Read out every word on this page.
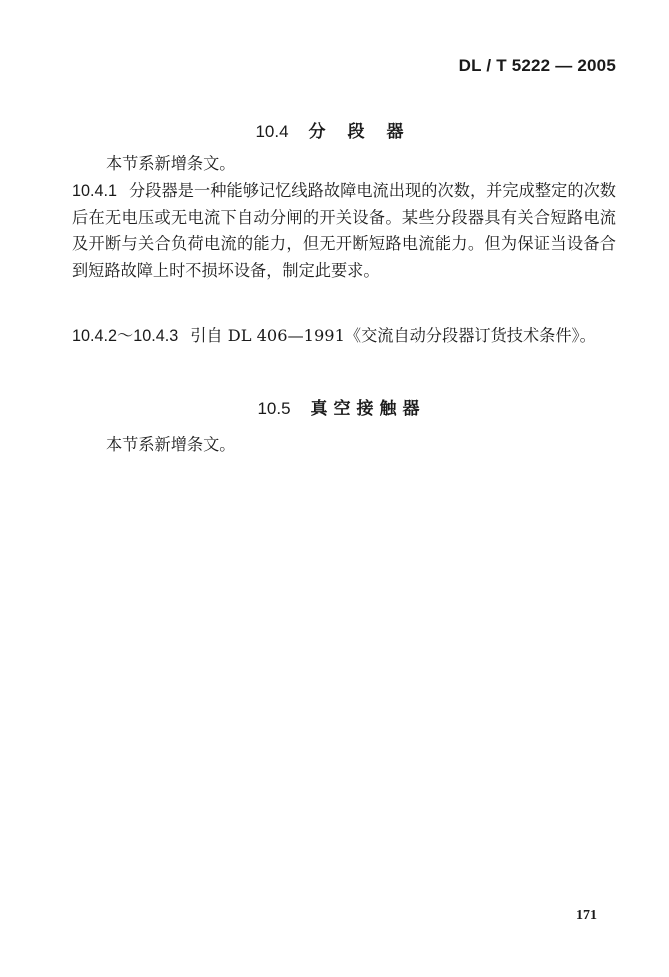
DL / T 5222 — 2005
10.4 分段器

本节系新增条文。

10.4.1 分段器是一种能够记忆线路故障电流出现的次数，并完成整定的次数后在无电压或无电流下自动分闸的开关设备。某些分段器具有关合短路电流及开断与关合负荷电流的能力，但无开断短路电流能力。但为保证当设备合到短路故障上时不损坏设备，制定此要求。

10.4.2～10.4.3 引自 DL 406—1991《交流自动分段器订货技术条件》。

10.5 真空接触器

本节系新增条文。

171
